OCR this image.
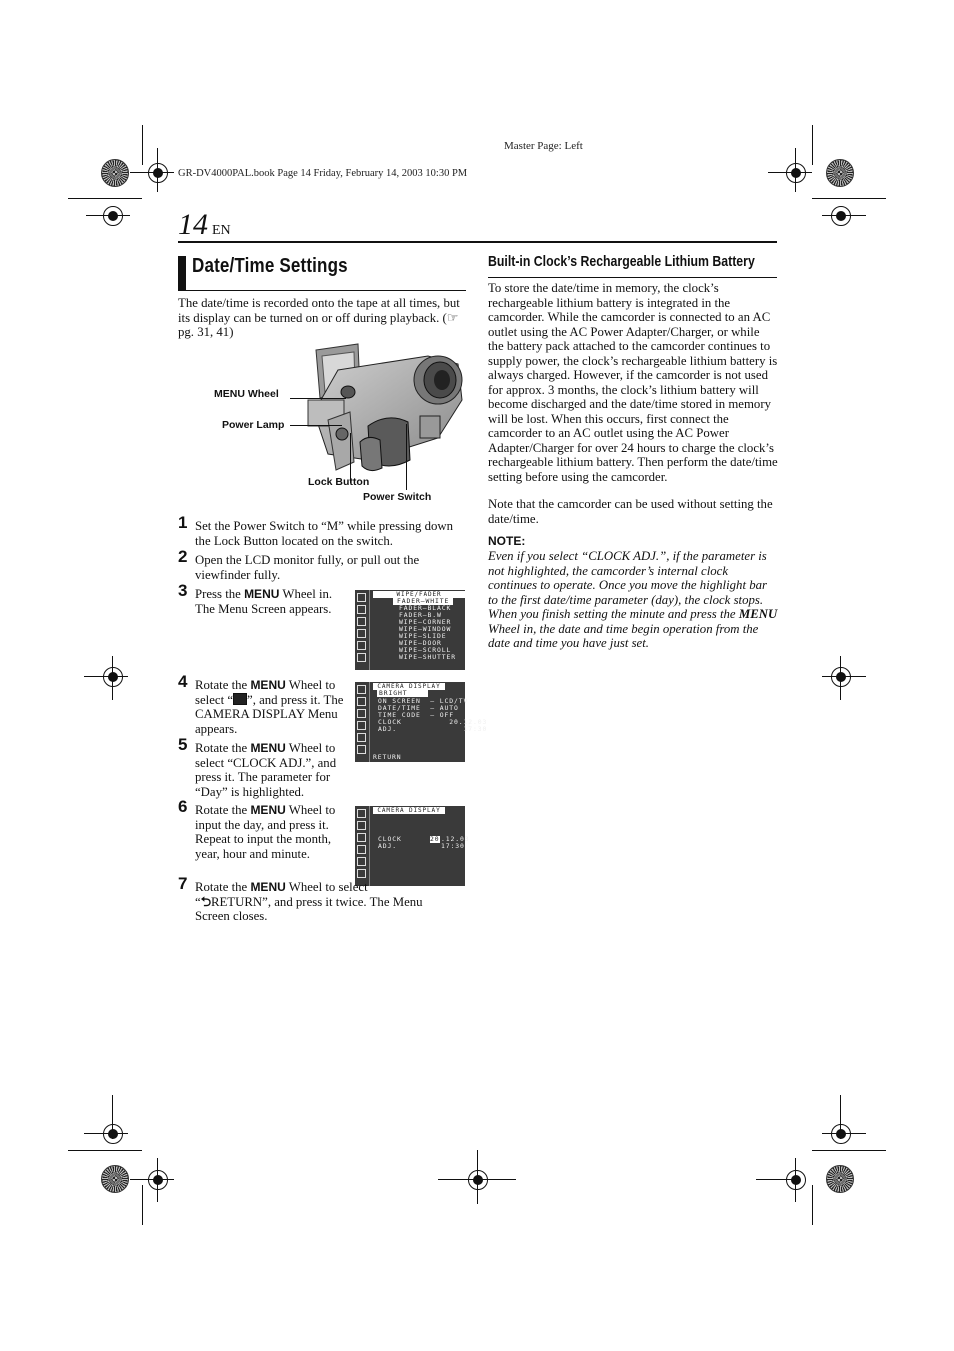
Master Page: Left
GR-DV4000PAL.book Page 14 Friday, February 14, 2003 10:30 PM
14 EN
Date/Time Settings
The date/time is recorded onto the tape at all times, but its display can be turned on or off during playback. (☞ pg. 31, 41)
MENU Wheel
Power Lamp
Lock Button
Power Switch
1 Set the Power Switch to “M” while pressing down the Lock Button located on the switch.
2 Open the LCD monitor fully, or pull out the viewfinder fully.
3 Press the MENU Wheel in. The Menu Screen appears.
WIPE/FADER
FADER–WHITE
FADER–BLACK
FADER–B.W
WIPE–CORNER
WIPE–WINDOW
WIPE–SLIDE
WIPE–DOOR
WIPE–SCROLL
WIPE–SHUTTER
4 Rotate the MENU Wheel to select “ ”, and press it. The CAMERA DISPLAY Menu appears.
CAMERA DISPLAY
BRIGHT
ON SCREEN  – LCD/TV
DATE/TIME  – AUTO
TIME CODE  – OFF
CLOCK          20.12.03
ADJ.              17:30
RETURN
5 Rotate the MENU Wheel to select “CLOCK ADJ.”, and press it. The parameter for “Day” is highlighted.
CAMERA DISPLAY
CLOCK
ADJ.
20 .12.03
17:30
6 Rotate the MENU Wheel to input the day, and press it. Repeat to input the month, year, hour and minute.
7 Rotate the MENU Wheel to select “⮌RETURN”, and press it twice. The Menu Screen closes.
Built-in Clock’s Rechargeable Lithium Battery
To store the date/time in memory, the clock’s rechargeable lithium battery is integrated in the camcorder. While the camcorder is connected to an AC outlet using the AC Power Adapter/Charger, or while the battery pack attached to the camcorder continues to supply power, the clock’s rechargeable lithium battery is always charged. However, if the camcorder is not used for approx. 3 months, the clock’s lithium battery will become discharged and the date/time stored in memory will be lost. When this occurs, first connect the camcorder to an AC outlet using the AC Power Adapter/Charger for over 24 hours to charge the clock’s rechargeable lithium battery. Then perform the date/time setting before using the camcorder.
Note that the camcorder can be used without setting the date/time.
NOTE:
Even if you select “CLOCK ADJ.”, if the parameter is not highlighted, the camcorder’s internal clock continues to operate. Once you move the highlight bar to the first date/time parameter (day), the clock stops. When you finish setting the minute and press the MENU Wheel in, the date and time begin operation from the date and time you have just set.
